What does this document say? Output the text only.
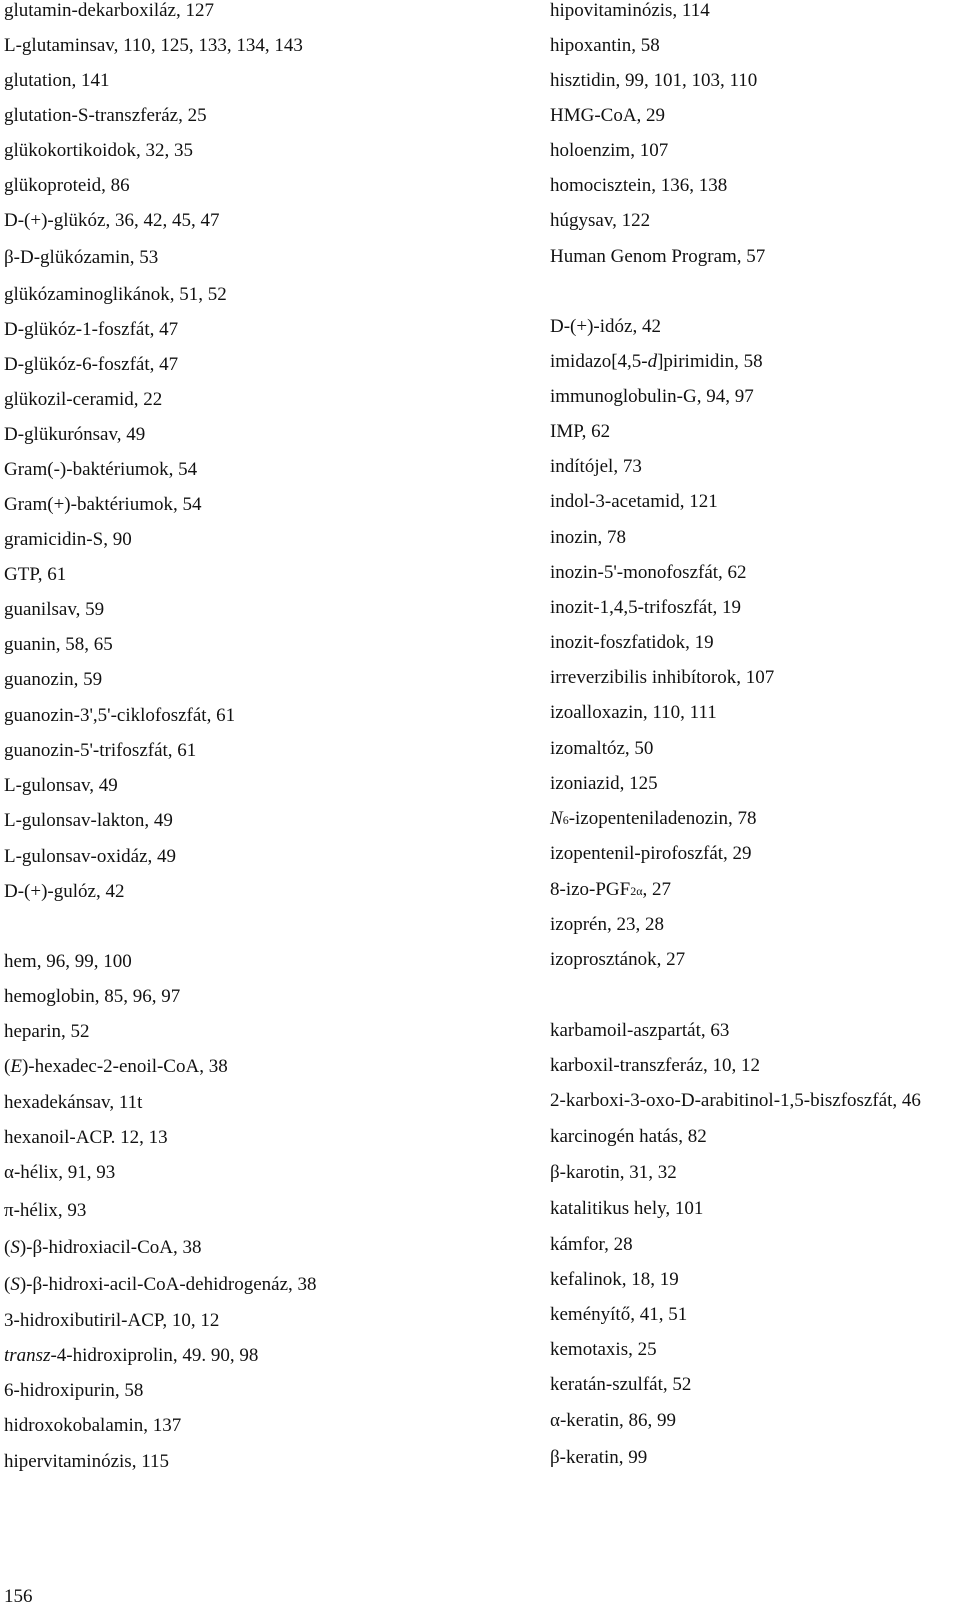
glutamin-dekarboxiláz, 127
L-glutaminsav, 110, 125, 133, 134, 143
glutation, 141
glutation-S-transzferáz, 25
glükokortikoidok, 32, 35
glükoproteid, 86
D-(+)-glükóz, 36, 42, 45, 47
β-D-glükózamin, 53
glükózaminoglikánok, 51, 52
D-glükóz-1-foszfát, 47
D-glükóz-6-foszfát, 47
glükozil-ceramid, 22
D-glükurónsav, 49
Gram(-)-baktériumok, 54
Gram(+)-baktériumok, 54
gramicidin-S, 90
GTP, 61
guanilsav, 59
guanin, 58, 65
guanozin, 59
guanozin-3',5'-ciklofoszfát, 61
guanozin-5'-trifoszfát, 61
L-gulonsav, 49
L-gulonsav-lakton, 49
L-gulonsav-oxidáz, 49
D-(+)-gulóz, 42
hem, 96, 99, 100
hemoglobin, 85, 96, 97
heparin, 52
(E)-hexadec-2-enoil-CoA, 38
hexadekánsav, 11t
hexanoil-ACP. 12, 13
α-hélix, 91, 93
π-hélix, 93
(S)-β-hidroxiacil-CoA, 38
(S)-β-hidroxi-acil-CoA-dehidrogenáz, 38
3-hidroxibutiril-ACP, 10, 12
transz-4-hidroxiprolin, 49. 90, 98
6-hidroxipurin, 58
hidroxokobalamin, 137
hipervitaminózis, 115
hipovitaminózis, 114
hipoxantin, 58
hisztidin, 99, 101, 103, 110
HMG-CoA, 29
holoenzim, 107
homocisztein, 136, 138
húgysav, 122
Human Genom Program, 57
D-(+)-idóz, 42
imidazo[4,5-d]pirimidin, 58
immunoglobulin-G, 94, 97
IMP, 62
indítójel, 73
indol-3-acetamid, 121
inozin, 78
inozin-5'-monofoszfát, 62
inozit-1,4,5-trifoszfát, 19
inozit-foszfatidok, 19
irreverzibilis inhibítorok, 107
izoalloxazin, 110, 111
izomaltóz, 50
izoniazid, 125
N6-izopenteniladenozin, 78
izopentenil-pirofoszfát, 29
8-izo-PGF2α, 27
izoprén, 23, 28
izoprosztánok, 27
karbamoil-aszpartát, 63
karboxil-transzferáz, 10, 12
2-karboxi-3-oxo-D-arabitinol-1,5-biszfoszfát, 46
karcinogén hatás, 82
β-karotin, 31, 32
katalitikus hely, 101
kámfor, 28
kefalinok, 18, 19
keményítő, 41, 51
kemotaxis, 25
keratán-szulfát, 52
α-keratin, 86, 99
β-keratin, 99
156
